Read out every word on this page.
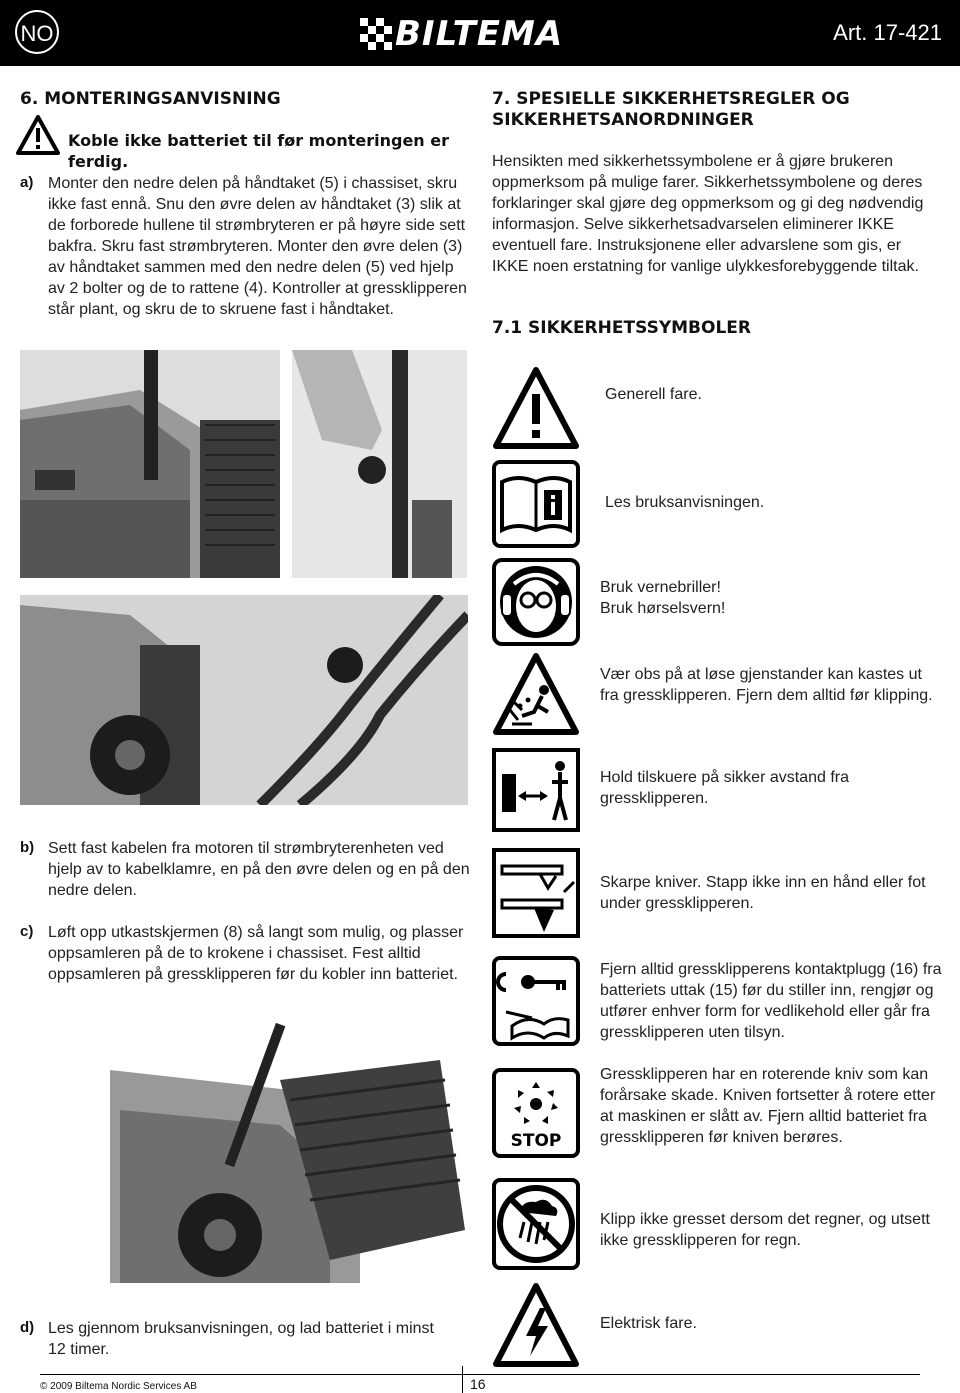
NO	BILTEMA	Art. 17-421
6. MONTERINGSANVISNING
Koble ikke batteriet til før monteringen er ferdig.
a) Monter den nedre delen på håndtaket (5) i chassiset, skru ikke fast ennå. Snu den øvre delen av håndtaket (3) slik at de forborede hullene til strømbryteren er på høyre side sett bakfra. Skru fast strømbryteren. Monter den øvre delen (3) av håndtaket sammen med den nedre delen (5) ved hjelp av 2 bolter og de to rattene (4). Kontroller at gressklipperen står plant, og skru de to skruene fast i håndtaket.
b) Sett fast kabelen fra motoren til strømbryterenheten ved hjelp av to kabelklamre, en på den øvre delen og en på den nedre delen.
c) Løft opp utkastskjermen (8) så langt som mulig, og plasser oppsamleren på de to krokene i chassiset. Fest alltid oppsamleren på gressklipperen før du kobler inn batteriet.
d) Les gjennom bruksanvisningen, og lad batteriet i minst 12 timer.
7. SPESIELLE SIKKERHETSREGLER OG SIKKERHETSANORDNINGER
Hensikten med sikkerhetssymbolene er å gjøre brukeren oppmerksom på mulige farer. Sikkerhetssymbolene og deres forklaringer skal gjøre deg oppmerksom og gi deg nødvendig informasjon. Selve sikkerhetsadvarselen eliminerer IKKE eventuell fare. Instruksjonene eller advarslene som gis, er IKKE noen erstatning for vanlige ulykkesforebyggende tiltak.
7.1 SIKKERHETSSYMBOLER
Generell fare.
Les bruksanvisningen.
Bruk vernebriller!
Bruk hørselsvern!
Vær obs på at løse gjenstander kan kastes ut fra gressklipperen. Fjern dem alltid før klipping.
Hold tilskuere på sikker avstand fra gressklipperen.
Skarpe kniver. Stapp ikke inn en hånd eller fot under gressklipperen.
Fjern alltid gressklipperens kontaktplugg (16) fra batteriets uttak (15) før du stiller inn, rengjør og utfører enhver form for vedlikehold eller går fra gressklipperen uten tilsyn.
STOP
Gressklipperen har en roterende kniv som kan forårsake skade. Kniven fortsetter å rotere etter at maskinen er slått av. Fjern alltid batteriet fra gressklipperen før kniven berøres.
Klipp ikke gresset dersom det regner, og utsett ikke gressklipperen for regn.
Elektrisk fare.
© 2009 Biltema Nordic Services AB	16
